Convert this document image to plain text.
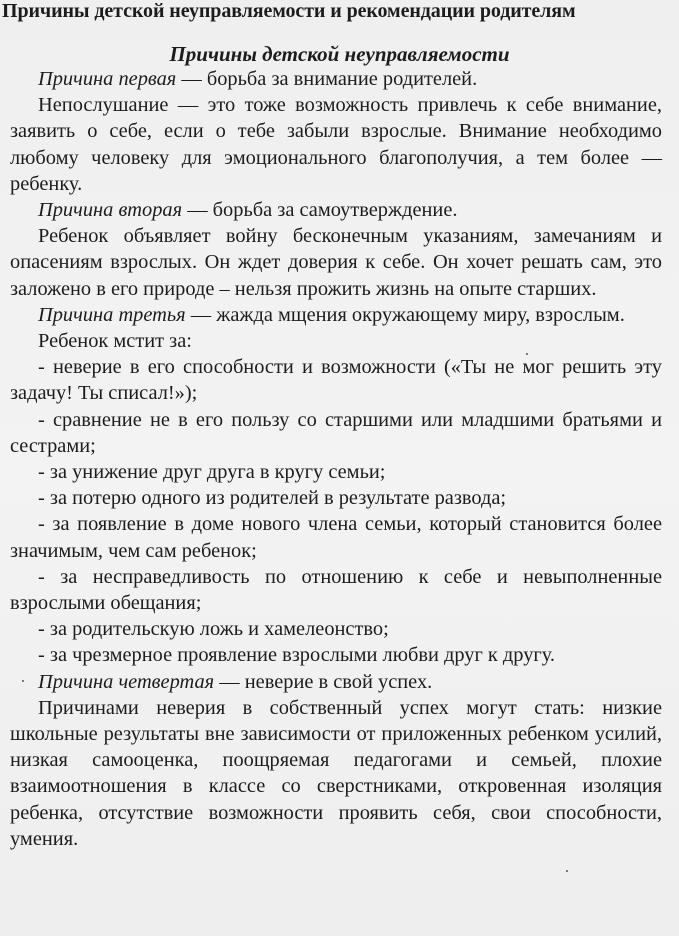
Причины детской неуправляемости и рекомендации родителям
Причины детской неуправляемости

Причина первая — борьба за внимание родителей.

Непослушание — это тоже возможность привлечь к себе внимание, заявить о себе, если о тебе забыли взрослые. Внимание необходимо любому человеку для эмоционального благополучия, а тем более — ребенку.

Причина вторая — борьба за самоутверждение.

Ребенок объявляет войну бесконечным указаниям, замечаниям и опасениям взрослых. Он ждет доверия к себе. Он хочет решать сам, это заложено в его природе – нельзя прожить жизнь на опыте старших.

Причина третья — жажда мщения окружающему миру, взрослым.

Ребенок мстит за:

- неверие в его способности и возможности («Ты не мог решить эту задачу! Ты списал!»);

- сравнение не в его пользу со старшими или младшими братьями и сестрами;

- за унижение друг друга в кругу семьи;

- за потерю одного из родителей в результате развода;

- за появление в доме нового члена семьи, который становится более значимым, чем сам ребенок;

- за несправедливость по отношению к себе и невыполненные взрослыми обещания;

- за родительскую ложь и хамелеонство;

- за чрезмерное проявление взрослыми любви друг к другу.

Причина четвертая — неверие в свой успех.

Причинами неверия в собственный успех могут стать: низкие школьные результаты вне зависимости от приложенных ребенком усилий, низкая самооценка, поощряемая педагогами и семьей, плохие взаимоотношения в классе со сверстниками, откровенная изоляция ребенка, отсутствие возможности проявить себя, свои способности, умения.
